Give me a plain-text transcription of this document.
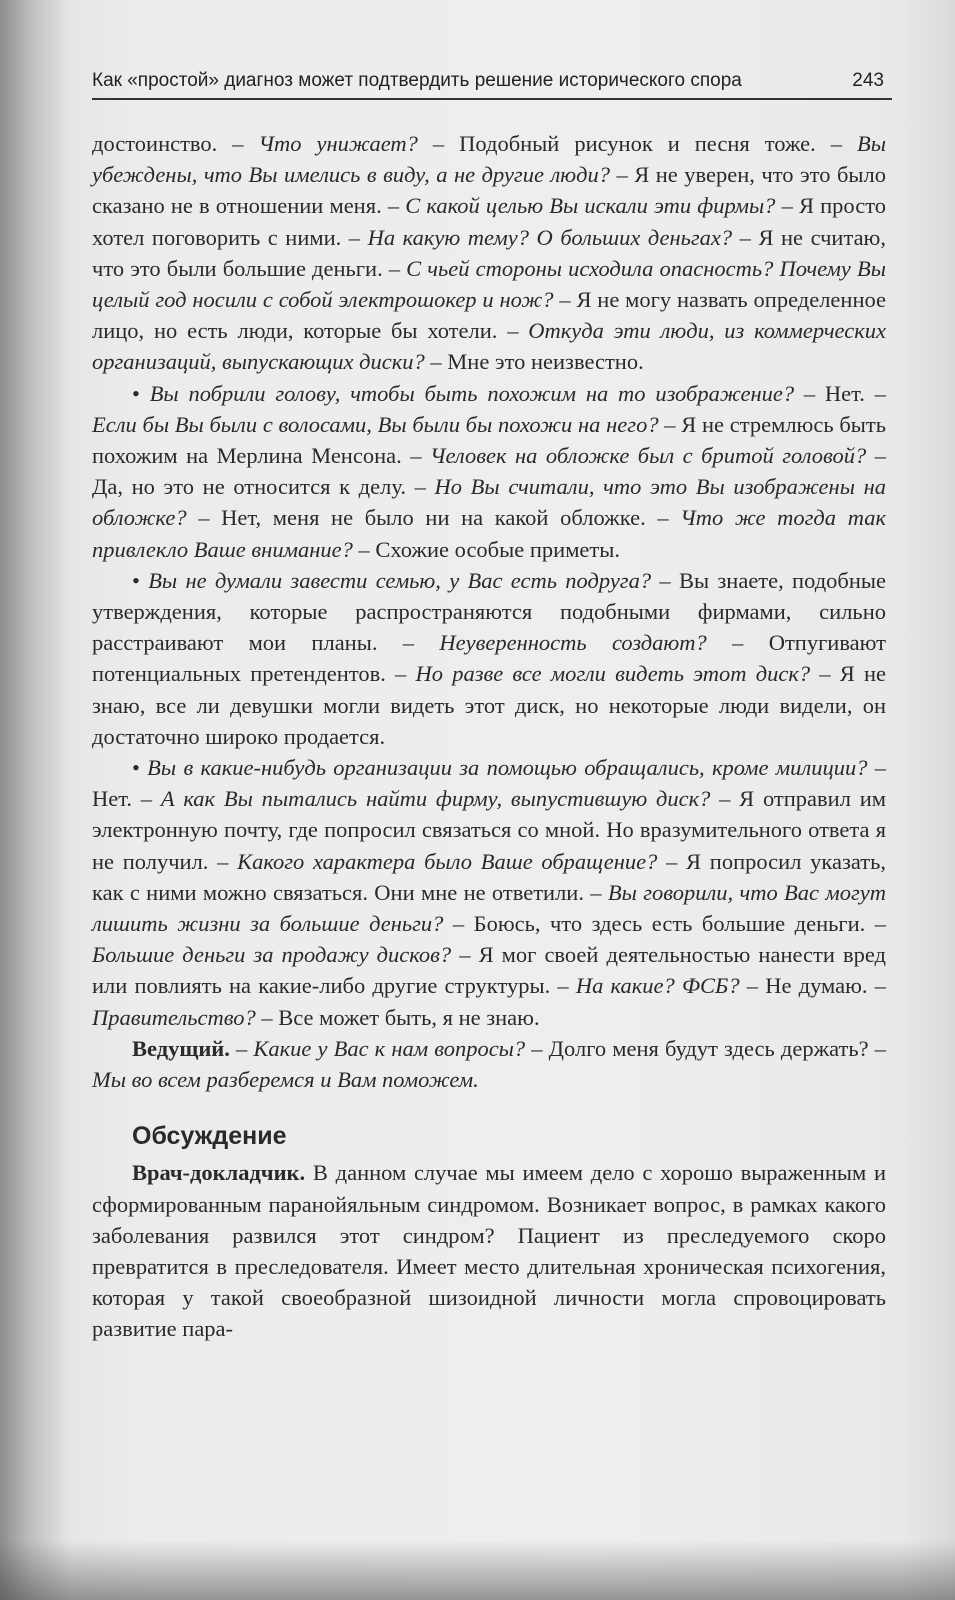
Как «простой» диагноз может подтвердить решение исторического спора	243

достоинство. – Что унижает? – Подобный рисунок и песня тоже. – Вы убеждены, что Вы имелись в виду, а не другие люди? – Я не уверен, что это было сказано не в отношении меня. – С какой целью Вы искали эти фирмы? – Я просто хотел поговорить с ними. – На какую тему? О больших деньгах? – Я не считаю, что это были большие деньги. – С чьей стороны исходила опасность? Почему Вы целый год носили с собой электрошокер и нож? – Я не могу назвать определенное лицо, но есть люди, которые бы хотели. – Откуда эти люди, из коммерческих организаций, выпускающих диски? – Мне это неизвестно.

• Вы побрили голову, чтобы быть похожим на то изображение? – Нет. – Если бы Вы были с волосами, Вы были бы похожи на него? – Я не стремлюсь быть похожим на Мерлина Менсона. – Человек на обложке был с бритой головой? – Да, но это не относится к делу. – Но Вы считали, что это Вы изображены на обложке? – Нет, меня не было ни на какой обложке. – Что же тогда так привлекло Ваше внимание? – Схожие особые приметы.

• Вы не думали завести семью, у Вас есть подруга? – Вы знаете, подобные утверждения, которые распространяются подобными фирмами, сильно расстраивают мои планы. – Неуверенность создают? – Отпугивают потенциальных претендентов. – Но разве все могли видеть этот диск? – Я не знаю, все ли девушки могли видеть этот диск, но некоторые люди видели, он достаточно широко продается.

• Вы в какие-нибудь организации за помощью обращались, кроме милиции? – Нет. – А как Вы пытались найти фирму, выпустившую диск? – Я отправил им электронную почту, где попросил связаться со мной. Но вразумительного ответа я не получил. – Какого характера было Ваше обращение? – Я попросил указать, как с ними можно связаться. Они мне не ответили. – Вы говорили, что Вас могут лишить жизни за большие деньги? – Боюсь, что здесь есть большие деньги. – Большие деньги за продажу дисков? – Я мог своей деятельностью нанести вред или повлиять на какие-либо другие структуры. – На какие? ФСБ? – Не думаю. – Правительство? – Все может быть, я не знаю.

Ведущий. – Какие у Вас к нам вопросы? – Долго меня будут здесь держать? – Мы во всем разберемся и Вам поможем.

Обсуждение

Врач-докладчик. В данном случае мы имеем дело с хорошо выраженным и сформированным паранойяльным синдромом. Возникает вопрос, в рамках какого заболевания развился этот синдром? Пациент из преследуемого скоро превратится в преследователя. Имеет место длительная хроническая психогения, которая у такой своеобразной шизоидной личности могла спровоцировать развитие пара-
